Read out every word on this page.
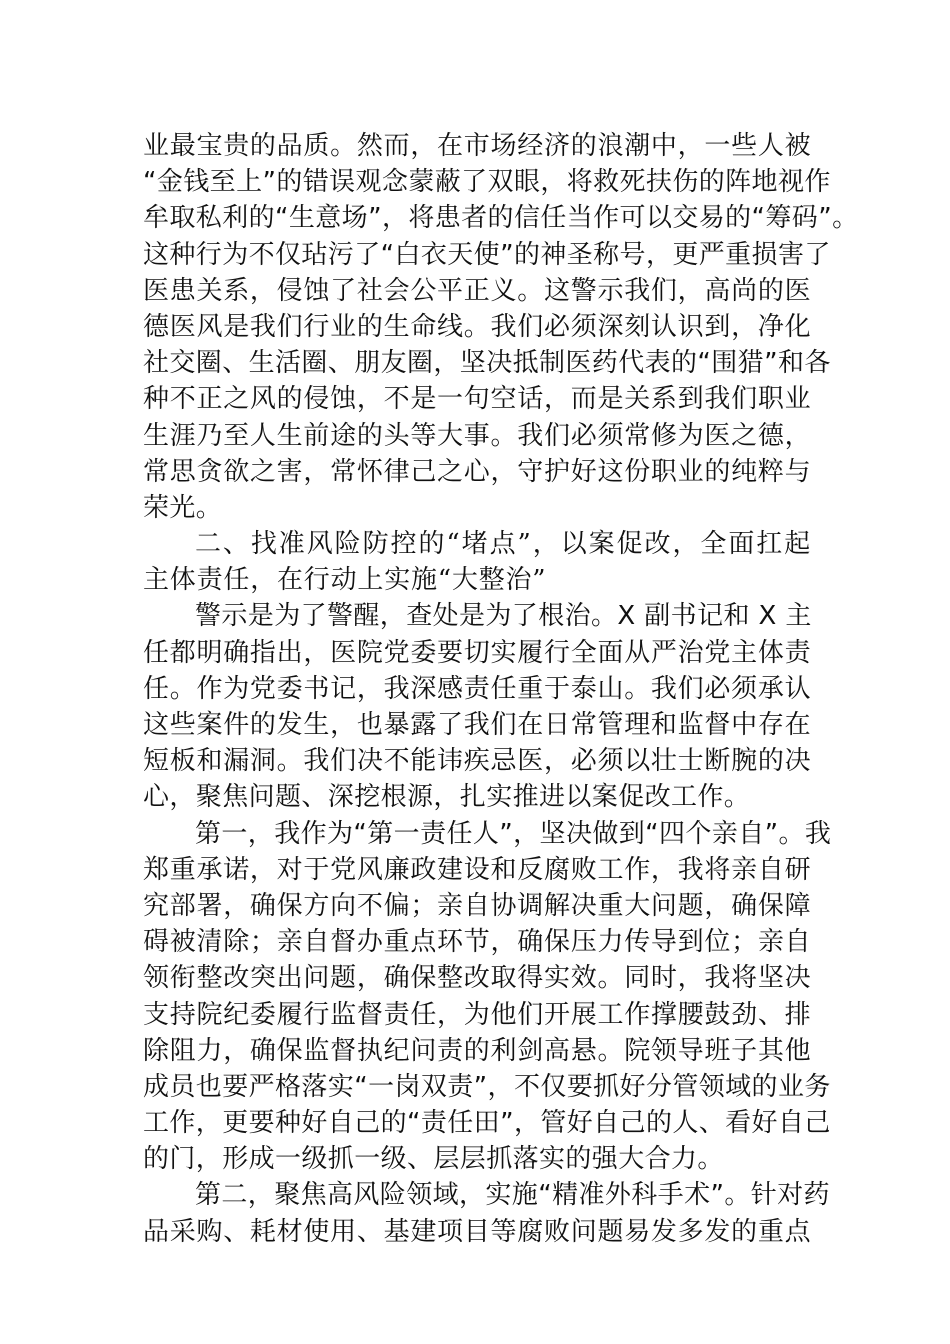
业最宝贵的品质。然而，在市场经济的浪潮中，一些人被
“金钱至上”的错误观念蒙蔽了双眼，将救死扶伤的阵地视作
牟取私利的“生意场”，将患者的信任当作可以交易的“筹码”。
这种行为不仅玷污了“白衣天使”的神圣称号，更严重损害了
医患关系，侵蚀了社会公平正义。这警示我们，高尚的医
德医风是我们行业的生命线。我们必须深刻认识到，净化
社交圈、生活圈、朋友圈，坚决抵制医药代表的“围猎”和各
种不正之风的侵蚀，不是一句空话，而是关系到我们职业
生涯乃至人生前途的头等大事。我们必须常修为医之德，
常思贪欲之害，常怀律己之心，守护好这份职业的纯粹与
荣光。
二、找准风险防控的“堵点”，以案促改，全面扛起
主体责任，在行动上实施“大整治”
警示是为了警醒，查处是为了根治。X 副书记和 X 主
任都明确指出，医院党委要切实履行全面从严治党主体责
任。作为党委书记，我深感责任重于泰山。我们必须承认
这些案件的发生，也暴露了我们在日常管理和监督中存在
短板和漏洞。我们决不能讳疾忌医，必须以壮士断腕的决
心，聚焦问题、深挖根源，扎实推进以案促改工作。
第一，我作为“第一责任人”，坚决做到“四个亲自”。我
郑重承诺，对于党风廉政建设和反腐败工作，我将亲自研
究部署，确保方向不偏；亲自协调解决重大问题，确保障
碍被清除；亲自督办重点环节，确保压力传导到位；亲自
领衔整改突出问题，确保整改取得实效。同时，我将坚决
支持院纪委履行监督责任，为他们开展工作撑腰鼓劲、排
除阻力，确保监督执纪问责的利剑高悬。院领导班子其他
成员也要严格落实“一岗双责”，不仅要抓好分管领域的业务
工作，更要种好自己的“责任田”，管好自己的人、看好自己
的门，形成一级抓一级、层层抓落实的强大合力。
第二，聚焦高风险领域，实施“精准外科手术”。针对药
品采购、耗材使用、基建项目等腐败问题易发多发的重点
